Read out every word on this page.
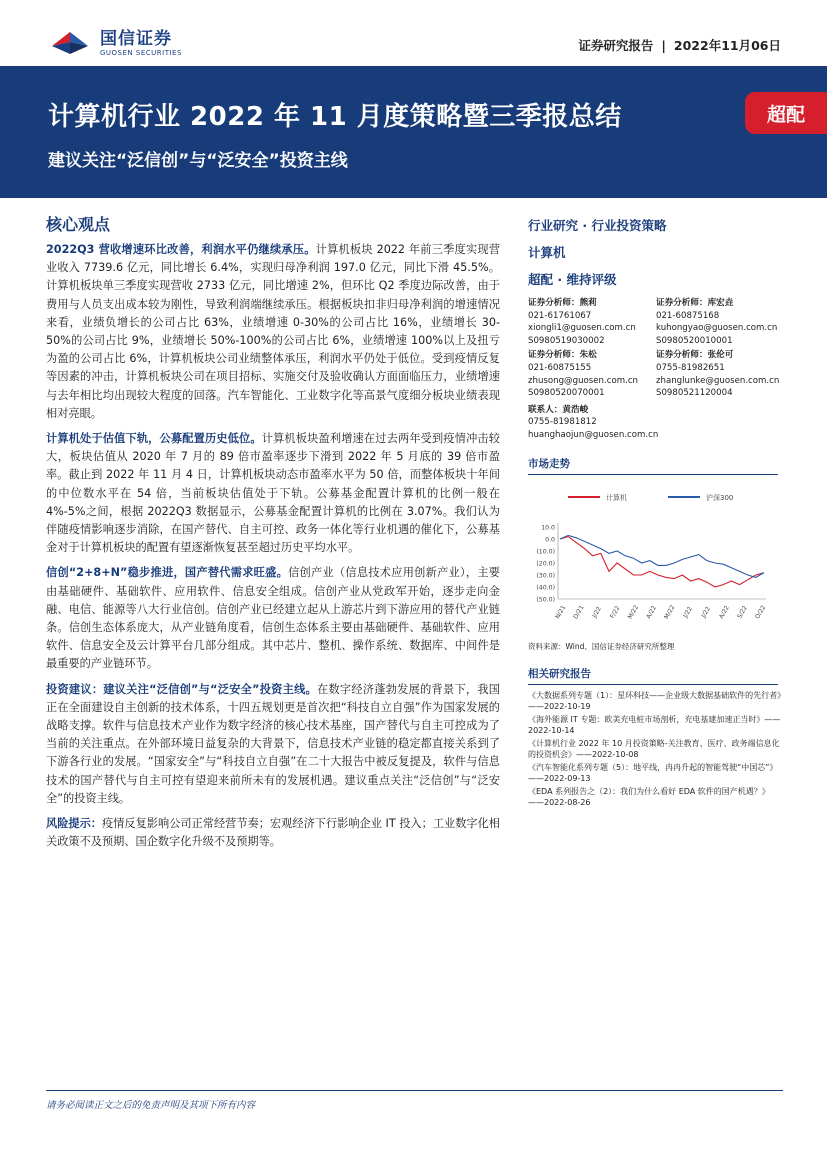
国信证券
GUOSEN SECURITIES	证券研究报告 | 2022年11月06日
计算机行业 2022 年 11 月度策略暨三季报总结
建议关注“泛信创”与“泛安全”投资主线
超配
核心观点

2022Q3 营收增速环比改善，利润水平仍继续承压。计算机板块 2022 年前三季度实现营业收入 7739.6 亿元，同比增长 6.4%，实现归母净利润 197.0 亿元，同比下滑 45.5%。计算机板块单三季度实现营收 2733 亿元，同比增速 2%，但环比 Q2 季度边际改善，由于费用与人员支出成本较为刚性，导致利润端继续承压。根据板块扣非归母净利润的增速情况来看，业绩负增长的公司占比 63%，业绩增速 0-30%的公司占比 16%，业绩增长 30-50%的公司占比 9%，业绩增长 50%-100%的公司占比 6%，业绩增速 100%以上及扭亏为盈的公司占比 6%，计算机板块公司业绩整体承压，利润水平仍处于低位。受到疫情反复等因素的冲击，计算机板块公司在项目招标、实施交付及验收确认方面面临压力，业绩增速与去年相比均出现较大程度的回落。汽车智能化、工业数字化等高景气度细分板块业绩表现相对亮眼。

计算机处于估值下轨，公募配置历史低位。计算机板块盈利增速在过去两年受到疫情冲击较大，板块估值从 2020 年 7 月的 89 倍市盈率逐步下滑到 2022 年 5 月底的 39 倍市盈率。截止到 2022 年 11 月 4 日，计算机板块动态市盈率水平为 50 倍，而整体板块十年间的中位数水平在 54 倍，当前板块估值处于下轨。公募基金配置计算机的比例一般在 4%-5%之间，根据 2022Q3 数据显示，公募基金配置计算机的比例在 3.07%。我们认为伴随疫情影响逐步消除，在国产替代、自主可控、政务一体化等行业机遇的催化下，公募基金对于计算机板块的配置有望逐渐恢复甚至超过历史平均水平。

信创“2+8+N”稳步推进，国产替代需求旺盛。信创产业（信息技术应用创新产业），主要由基础硬件、基础软件、应用软件、信息安全组成。信创产业从党政军开始，逐步走向金融、电信、能源等八大行业信创。信创产业已经建立起从上游芯片到下游应用的替代产业链条。信创生态体系庞大，从产业链角度看，信创生态体系主要由基础硬件、基础软件、应用软件、信息安全及云计算平台几部分组成。其中芯片、整机、操作系统、数据库、中间件是最重要的产业链环节。

投资建议：建议关注“泛信创”与“泛安全”投资主线。在数字经济蓬勃发展的背景下，我国正在全面建设自主创新的技术体系，十四五规划更是首次把“科技自立自强”作为国家发展的战略支撑。软件与信息技术产业作为数字经济的核心技术基座，国产替代与自主可控成为了当前的关注重点。在外部环境日益复杂的大背景下，信息技术产业链的稳定都直接关系到了下游各行业的发展。“国家安全”与“科技自立自强”在二十大报告中被反复提及，软件与信息技术的国产替代与自主可控有望迎来前所未有的发展机遇。建议重点关注“泛信创”与“泛安全”的投资主线。

风险提示：疫情反复影响公司正常经营节奏；宏观经济下行影响企业 IT 投入；工业数字化相关政策不及预期、国企数字化升级不及预期等。

行业研究 · 行业投资策略
计算机
超配 · 维持评级
证券分析师：熊莉
021-61761067
xiongli1@guosen.com.cn
S0980519030002
证券分析师：库宏垚
021-60875168
kuhongyao@guosen.com.cn
S0980520010001
证券分析师：朱松
021-60875155
zhusong@guosen.com.cn
S0980520070001
证券分析师：张伦可
0755-81982651
zhanglunke@guosen.com.cn
S0980521120004
联系人：黄浩峻
0755-81981812
huanghaojun@guosen.com.cn
市场走势
计算机	沪深300
10.0
0.0
(10.0)
(20.0)
(30.0)
(40.0)
(50.0)
N/21 D/21 J/22 F/22 M/22 A/22 M/22 J/22 J/22 A/22 S/22 O/22
资料来源：Wind、国信证券经济研究所整理
相关研究报告
《大数据系列专题（1）：星环科技——企业级大数据基础软件的先行者》——2022-10-19
《海外能源 IT 专题：欧美充电桩市场剖析，充电基建加速正当时》——2022-10-14
《计算机行业 2022 年 10 月投资策略-关注教育、医疗、政务端信息化的投资机会》——2022-10-08
《汽车智能化系列专题（5）：地平线，冉冉升起的智能驾驶“中国芯”》——2022-09-13
《EDA 系列报告之（2）：我们为什么看好 EDA 软件的国产机遇？》——2022-08-26
请务必阅读正文之后的免责声明及其项下所有内容
